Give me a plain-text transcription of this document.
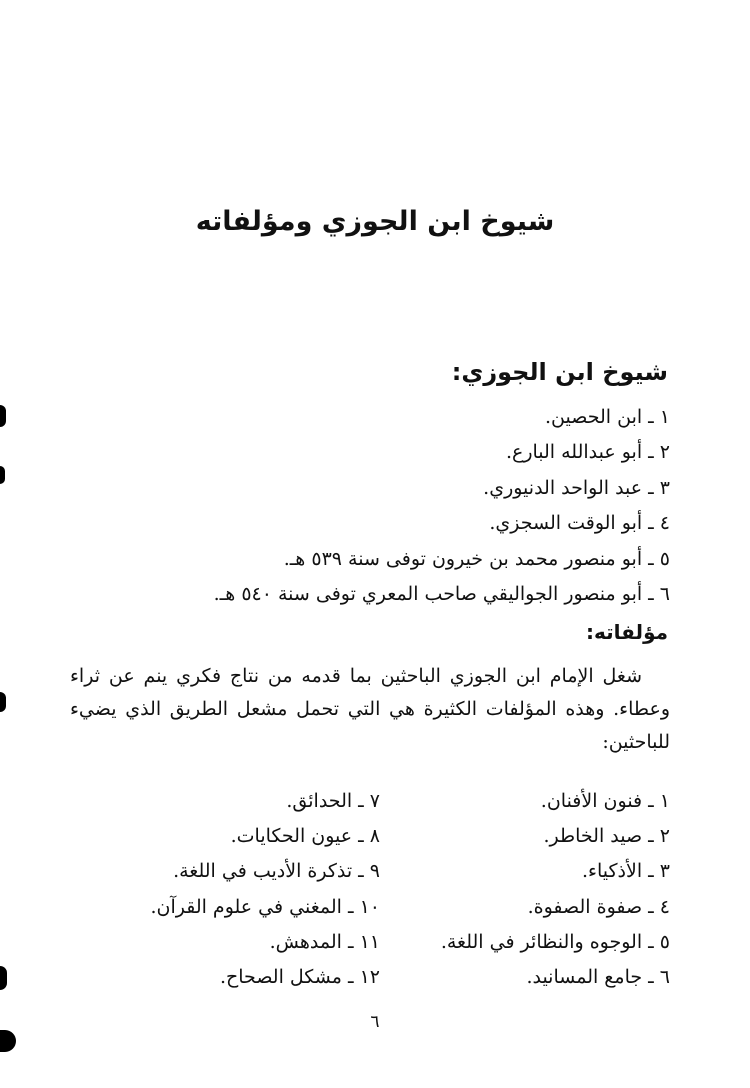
شيوخ ابن الجوزي ومؤلفاته
شيوخ ابن الجوزي:
١ ـ ابن الحصين.
٢ ـ أبو عبدالله البارع.
٣ ـ عبد الواحد الدنيوري.
٤ ـ أبو الوقت السجزي.
٥ ـ أبو منصور محمد بن خيرون توفى سنة ٥٣٩ هـ.
٦ ـ أبو منصور الجواليقي صاحب المعري توفى سنة ٥٤٠ هـ.
مؤلفاته:

شغل الإمام ابن الجوزي الباحثين بما قدمه من نتاج فكري ينم عن ثراء وعطاء. وهذه المؤلفات الكثيرة هي التي تحمل مشعل الطريق الذي يضيء للباحثين:

١ ـ فنون الأفنان.
٢ ـ صيد الخاطر.
٣ ـ الأذكياء.
٤ ـ صفوة الصفوة.
٥ ـ الوجوه والنظائر في اللغة.
٦ ـ جامع المسانيد.
٧ ـ الحدائق.
٨ ـ عيون الحكايات.
٩ ـ تذكرة الأديب في اللغة.
١٠ ـ المغني في علوم القرآن.
١١ ـ المدهش.
١٢ ـ مشكل الصحاح.
٦
